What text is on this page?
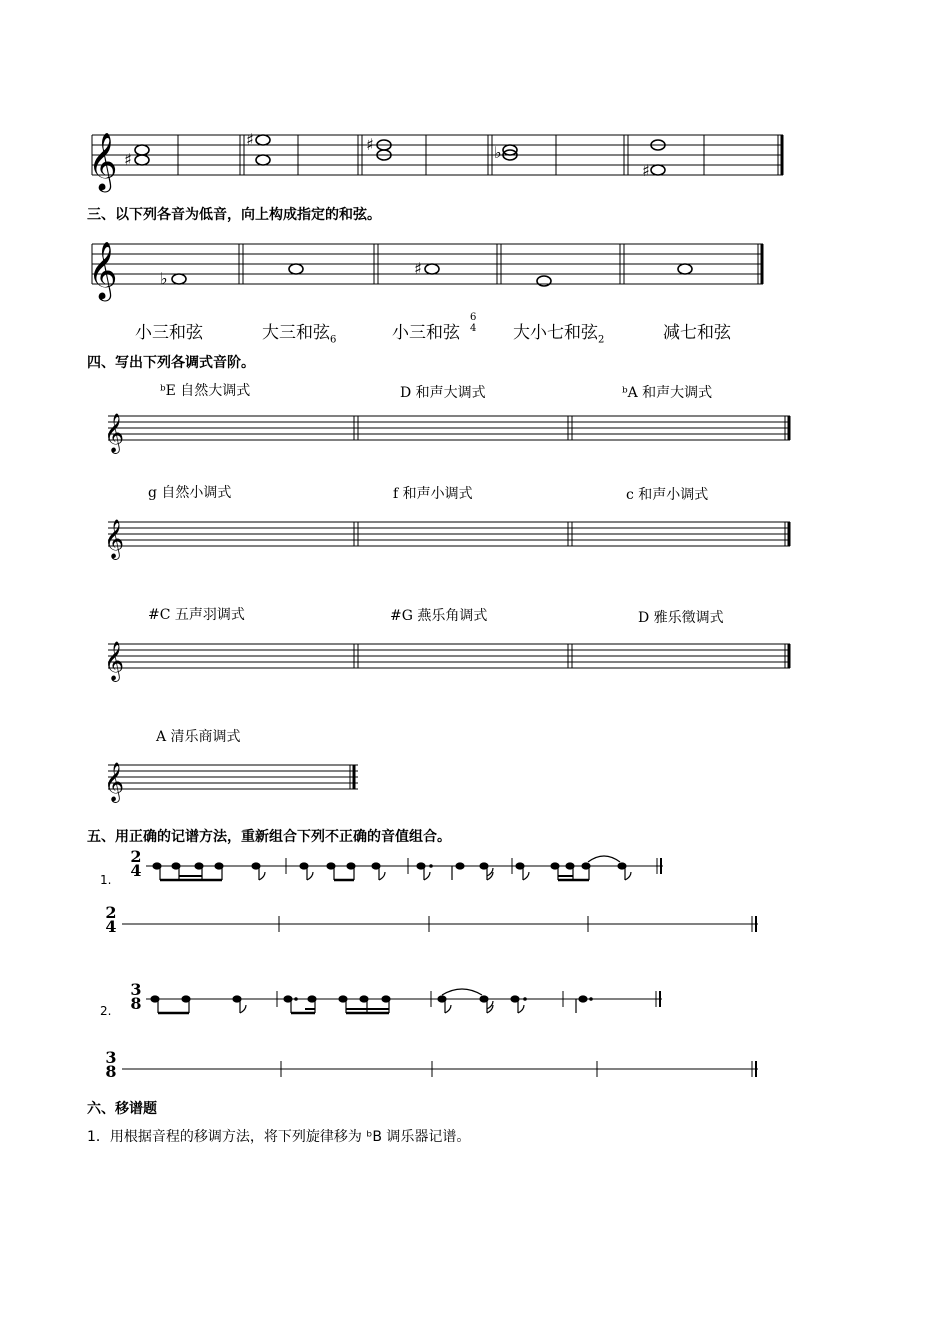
𝄞 ♯
♯	♯	♭
♯
三、以下列各音为低音，向上构成指定的和弦。
𝄞	♭
♯
小三和弦	大三和弦$_6$	小三和弦
6
4 大小七和弦$_2$	减七和弦
四、写出下列各调式音阶。
ᵇE 自然大调式	D 和声大调式	ᵇA 和声大调式
g 自然小调式	f 和声小调式	c 和声小调式
#C 五声羽调式	#G 燕乐角调式	D 雅乐徵调式
A 清乐商调式
𝄞
𝄞
𝄞
𝄞
五、用正确的记谱方法，重新组合下列不正确的音值组合。
1.
2.
2
4
2
4
3
8
3
8
六、移谱题
1．用根据音程的移调方法，将下列旋律移为 ᵇB 调乐器记谱。
